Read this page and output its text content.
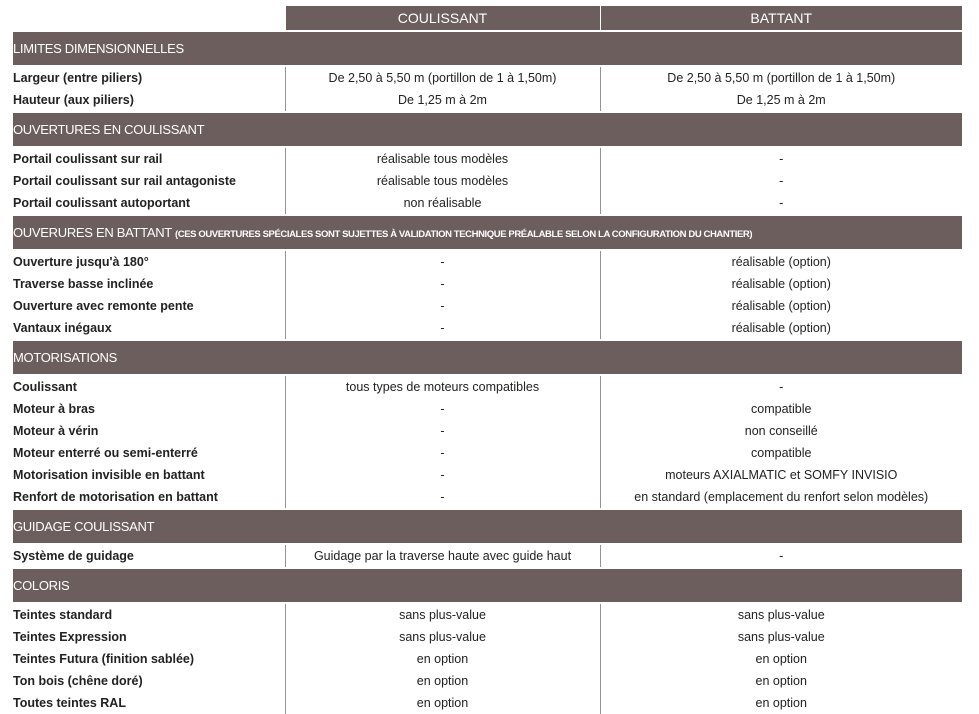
	COULISSANT	BATTANT
LIMITES DIMENSIONNELLES		
Largeur (entre piliers)	De 2,50 à 5,50 m (portillon de 1 à 1,50m)	De 2,50 à 5,50 m (portillon de 1 à 1,50m)
Hauteur (aux piliers)	De 1,25 m à 2m	De 1,25 m à 2m
OUVERTURES EN COULISSANT		
Portail coulissant sur rail	réalisable tous modèles	-
Portail coulissant sur rail antagoniste	réalisable tous modèles	-
Portail coulissant autoportant	non réalisable	-
OUVERURES EN BATTANT (CES OUVERTURES SPÉCIALES SONT SUJETTES À VALIDATION TECHNIQUE PRÉALABLE SELON LA CONFIGURATION DU CHANTIER)		
Ouverture jusqu'à 180°	-	réalisable (option)
Traverse basse inclinée	-	réalisable (option)
Ouverture avec remonte pente	-	réalisable (option)
Vantaux inégaux	-	réalisable (option)
MOTORISATIONS		
Coulissant	tous types de moteurs compatibles	-
Moteur à bras	-	compatible
Moteur à vérin	-	non conseillé
Moteur enterré ou semi-enterré	-	compatible
Motorisation invisible en battant	-	moteurs AXIALMATIC et SOMFY INVISIO
Renfort de motorisation en battant	-	en standard (emplacement du renfort selon modèles)
GUIDAGE COULISSANT		
Système de guidage	Guidage par la traverse haute avec guide haut	-
COLORIS		
Teintes standard	sans plus-value	sans plus-value
Teintes Expression	sans plus-value	sans plus-value
Teintes Futura (finition sablée)	en option	en option
Ton bois (chêne doré)	en option	en option
Toutes teintes RAL	en option	en option
